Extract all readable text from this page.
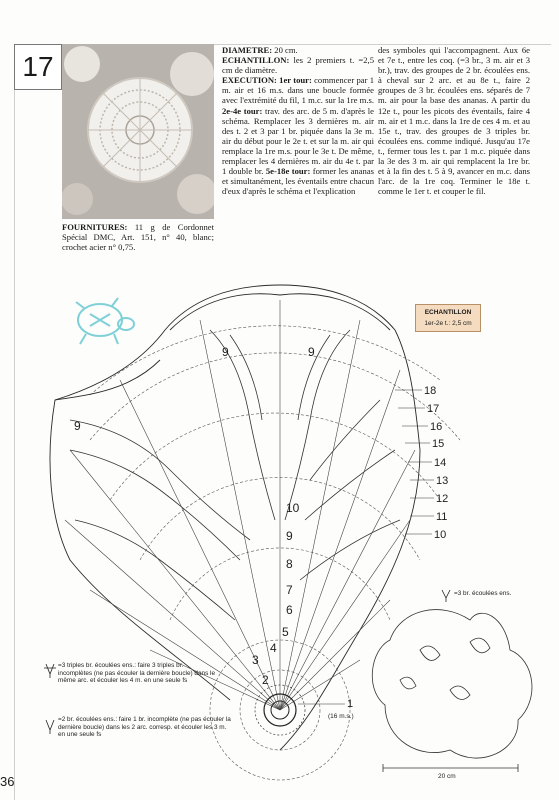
17
FOURNITURES: 11 g de Cordonnet Spécial DMC, Art. 151, n° 40, blanc; crochet acier n° 0,75.

DIAMETRE: 20 cm.

ECHANTILLON: les 2 premiers t. =2,5 cm de diamètre.

EXECUTION: 1er tour: commencer par 1 m. air et 16 m.s. dans une boucle formée avec l'extrémité du fil, 1 m.c. sur la 1re m.s. 2e-4e tour: trav. des arc. de 5 m. d'après le schéma. Remplacer les 3 dernières m. air des t. 2 et 3 par 1 br. piquée dans la 3e m. air du début pour le 2e t. et sur la m. air qui remplace la 1re m.s. pour le 3e t. De même, remplacer les 4 dernières m. air du 4e t. par 1 double br. 5e-18e tour: former les ananas et simultanément, les éventails entre chacun d'eux d'après le schéma et l'explication

des symboles qui l'accompagnent. Aux 6e et 7e t., entre les coq. (=3 br., 3 m. air et 3 br.), trav. des groupes de 2 br. écoulées ens. à cheval sur 2 arc. et au 8e t., faire 2 groupes de 3 br. écoulées ens. séparés de 7 m. air pour la base des ananas. A partir du 12e t., pour les picots des éventails, faire 4 m. air et 1 m.c. dans la 1re de ces 4 m. et au 15e t., trav. des groupes de 3 triples br. écoulées ens. comme indiqué. Jusqu'au 17e t., fermer tous les t. par 1 m.c. piquée dans la 3e des 3 m. air qui remplacent la 1re br. et à la fin des t. 5 à 9, avancer en m.c. dans l'arc. de la 1re coq. Terminer le 18e t. comme le 1er t. et couper le fil.

ECHANTILLON
1er-2e t.: 2,5 cm
18
17
16
15
14
13
12
11
10
10
9
8
7
6
5
4
3
2
9	9
9
1
(16 m.s.)
20 cm
=3 br. écoulées ens.
=3 triples br. écoulées ens.: faire 3 triples br. incomplètes (ne pas écouler la dernière boucle) dans le même arc. et écouler les 4 m. en une seule fs
=2 br. écoulées ens.: faire 1 br. incomplète (ne pas écouler la dernière boucle) dans les 2 arc. corresp. et écouler les 3 m. en une seule fs
36
